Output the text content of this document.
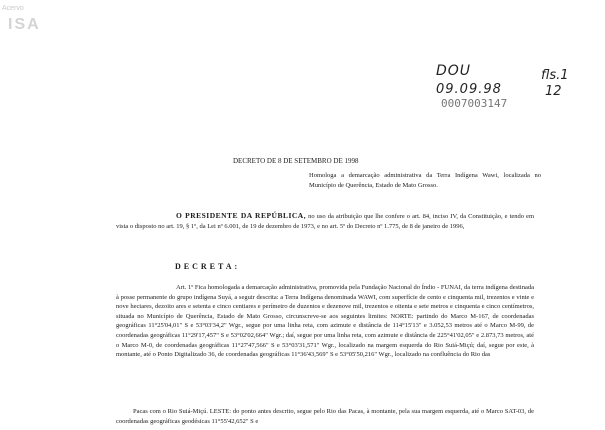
Acervo
ISA
DOU
09.09.98
0007003147
fls.1
12
DECRETO DE 8 DE SETEMBRO DE 1998
Homologa a demarcação administrativa da Terra Indígena Wawi, localizada no Município de Querência, Estado de Mato Grosso.
O PRESIDENTE DA REPÚBLICA, no uso da atribuição que lhe confere o art. 84, inciso IV, da Constituição, e tendo em vista o disposto no art. 19, § 1º, da Lei nº 6.001, de 19 de dezembro de 1973, e no art. 5º do Decreto nº 1.775, de 8 de janeiro de 1996,
DECRETA:
Art. 1º Fica homologada a demarcação administrativa, promovida pela Fundação Nacional do Índio - FUNAI, da terra indígena destinada à posse permanente do grupo indígena Suyá, a seguir descrita: a Terra Indígena denominada WAWI, com superfície de cento e cinquenta mil, trezentos e vinte e nove hectares, dezoito ares e setenta e cinco centiares e perímetro de duzentos e dezenove mil, trezentos e oitenta e sete metros e cinquenta e cinco centímetros, situada no Município de Querência, Estado de Mato Grosso, circunscreve-se aos seguintes limites: NORTE: partindo do Marco M-167, de coordenadas geográficas 11°25'04,01" S e 53°03'34,2" Wgr., segue por uma linha reta, com azimute e distância de 114°15'13" e 3.052,53 metros até o Marco M-99, de coordenadas geográficas 11°29'17,457" S e 53°02'02,664" Wgr.; daí, segue por uma linha reta, com azimute e distância de 225°41'02,05" e 2.873,73 metros, até o Marco M-0, de coordenadas geográficas 11°27'47,566" S e 53°03'31,571" Wgr., localizado na margem esquerda do Rio Suiá-Miçú; daí, segue por este, à montante, até o Ponto Digitalizado 36, de coordenadas geográficas 11°36'43,569" S e 53°05'50,216" Wgr., localizado na confluência do Rio das
Pacas com o Rio Suiá-Miçú. LESTE: do ponto antes descrito, segue pelo Rio das Pacas, à montante, pela sua margem esquerda, até o Marco SAT-03, de coordenadas geográficas geodésicas 11°55'42,652" S e
